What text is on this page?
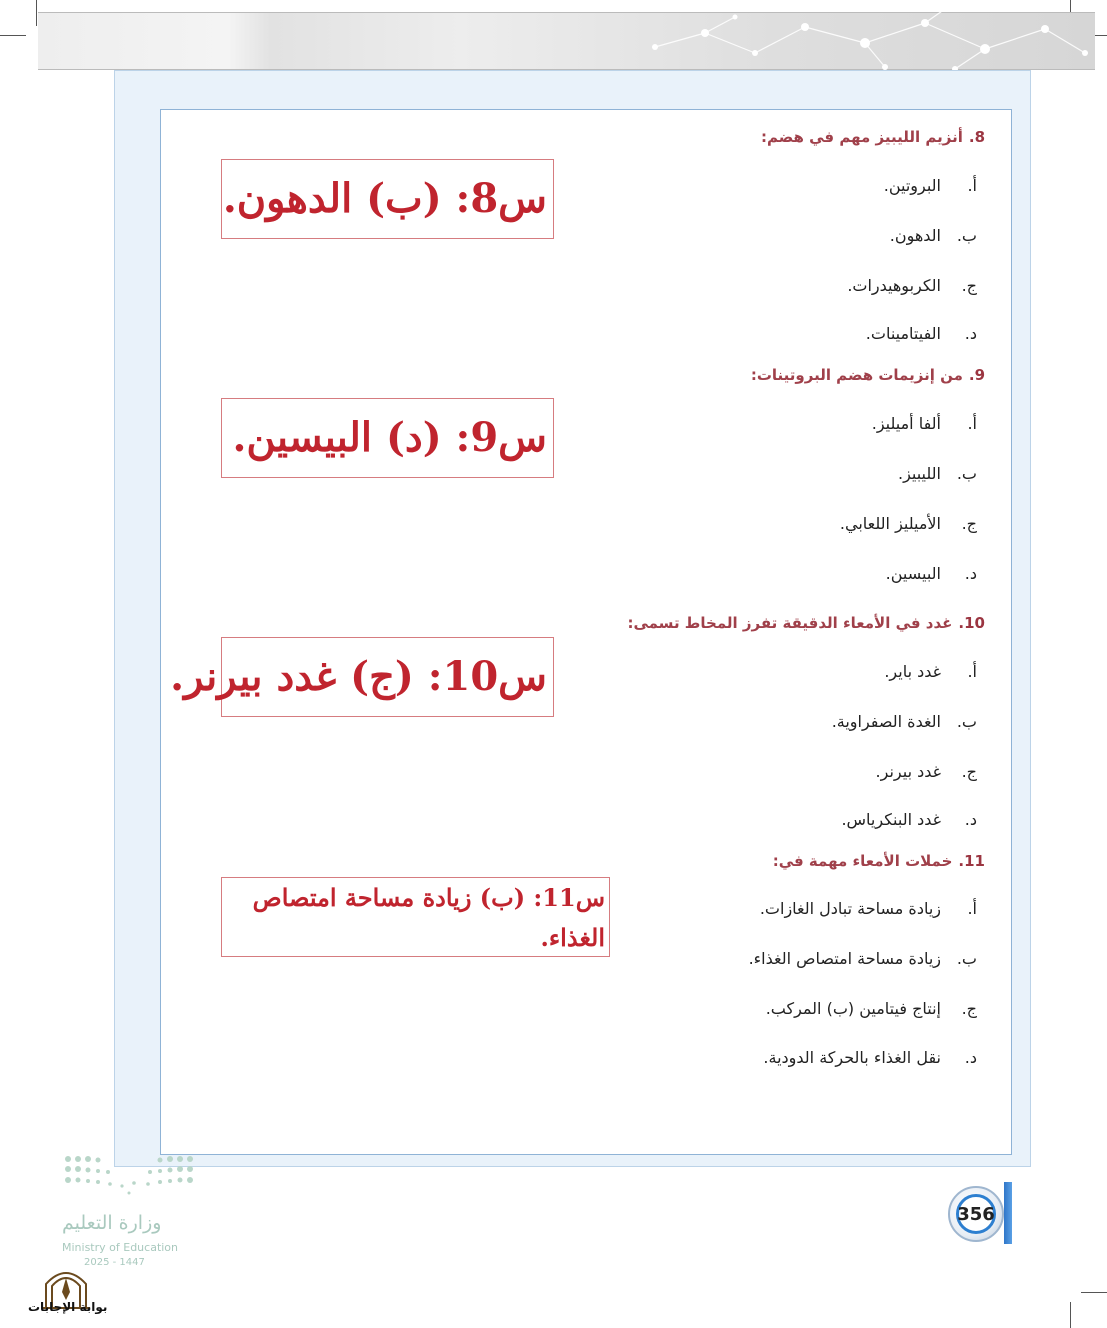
8.أنزيم الليبيز مهم في هضم:
أ.البروتين.
ب.الدهون.
ج.الكربوهيدرات.
د.الفيتامينات.
س8: (ب) الدهون.
9.من إنزيمات هضم البروتينات:
أ.ألفا أميليز.
ب.الليبيز.
ج.الأميليز اللعابي.
د.البيسين.
س9: (د) البيسين.
10.غدد في الأمعاء الدقيقة تفرز المخاط تسمى:
أ.غدد باير.
ب.الغدة الصفراوية.
ج.غدد بيرنر.
د.غدد البنكرياس.
س10: (ج) غدد بيرنر.
11.خملات الأمعاء مهمة في:
أ.زيادة مساحة تبادل الغازات.
ب.زيادة مساحة امتصاص الغذاء.
ج.إنتاج فيتامين (ب) المركب.
د.نقل الغذاء بالحركة الدودية.
س11: (ب) زيادة مساحة امتصاص الغذاء.
356
وزارة التعليم
Ministry of Education
2025 - 1447
بوابة الإجابات
